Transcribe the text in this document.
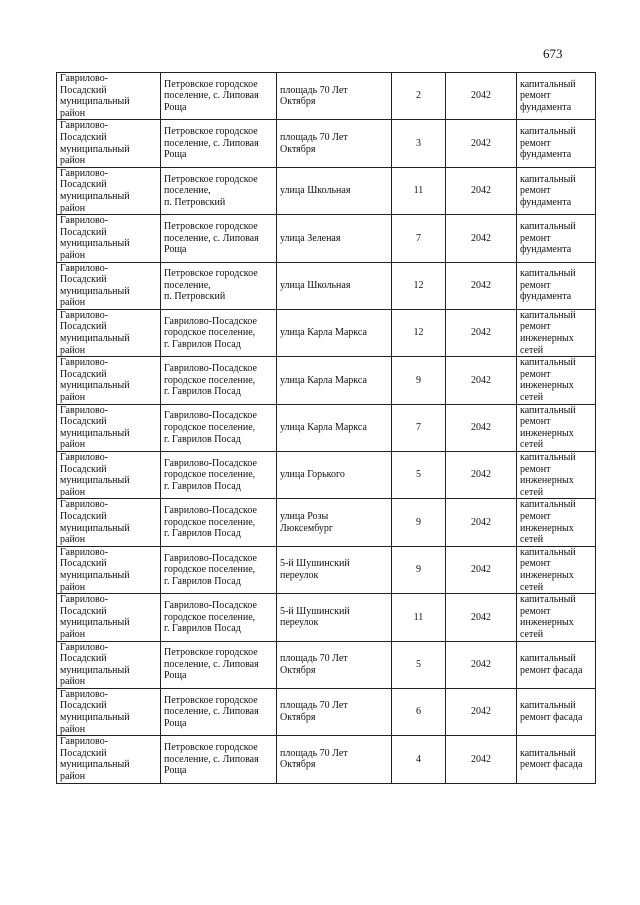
673
Гаврилово-
Посадский
муниципальный
район	Петровское городское
поселение, с. Липовая
Роща	площадь 70 Лет
Октября	2	2042	капитальный
ремонт
фундамента
Гаврилово-
Посадский
муниципальный
район	Петровское городское
поселение, с. Липовая
Роща	площадь 70 Лет
Октября	3	2042	капитальный
ремонт
фундамента
Гаврилово-
Посадский
муниципальный
район	Петровское городское
поселение,
п. Петровский	улица Школьная	11	2042	капитальный
ремонт
фундамента
Гаврилово-
Посадский
муниципальный
район	Петровское городское
поселение, с. Липовая
Роща	улица Зеленая	7	2042	капитальный
ремонт
фундамента
Гаврилово-
Посадский
муниципальный
район	Петровское городское
поселение,
п. Петровский	улица Школьная	12	2042	капитальный
ремонт
фундамента
Гаврилово-
Посадский
муниципальный
район	Гаврилово-Посадское
городское поселение,
г. Гаврилов Посад	улица Карла Маркса	12	2042	капитальный
ремонт
инженерных
сетей
Гаврилово-
Посадский
муниципальный
район	Гаврилово-Посадское
городское поселение,
г. Гаврилов Посад	улица Карла Маркса	9	2042	капитальный
ремонт
инженерных
сетей
Гаврилово-
Посадский
муниципальный
район	Гаврилово-Посадское
городское поселение,
г. Гаврилов Посад	улица Карла Маркса	7	2042	капитальный
ремонт
инженерных
сетей
Гаврилово-
Посадский
муниципальный
район	Гаврилово-Посадское
городское поселение,
г. Гаврилов Посад	улица Горького	5	2042	капитальный
ремонт
инженерных
сетей
Гаврилово-
Посадский
муниципальный
район	Гаврилово-Посадское
городское поселение,
г. Гаврилов Посад	улица Розы
Люксембург	9	2042	капитальный
ремонт
инженерных
сетей
Гаврилово-
Посадский
муниципальный
район	Гаврилово-Посадское
городское поселение,
г. Гаврилов Посад	5-й Шушинский
переулок	9	2042	капитальный
ремонт
инженерных
сетей
Гаврилово-
Посадский
муниципальный
район	Гаврилово-Посадское
городское поселение,
г. Гаврилов Посад	5-й Шушинский
переулок	11	2042	капитальный
ремонт
инженерных
сетей
Гаврилово-
Посадский
муниципальный
район	Петровское городское
поселение, с. Липовая
Роща	площадь 70 Лет
Октября	5	2042	капитальный
ремонт фасада
Гаврилово-
Посадский
муниципальный
район	Петровское городское
поселение, с. Липовая
Роща	площадь 70 Лет
Октября	6	2042	капитальный
ремонт фасада
Гаврилово-
Посадский
муниципальный
район	Петровское городское
поселение, с. Липовая
Роща	площадь 70 Лет
Октября	4	2042	капитальный
ремонт фасада
